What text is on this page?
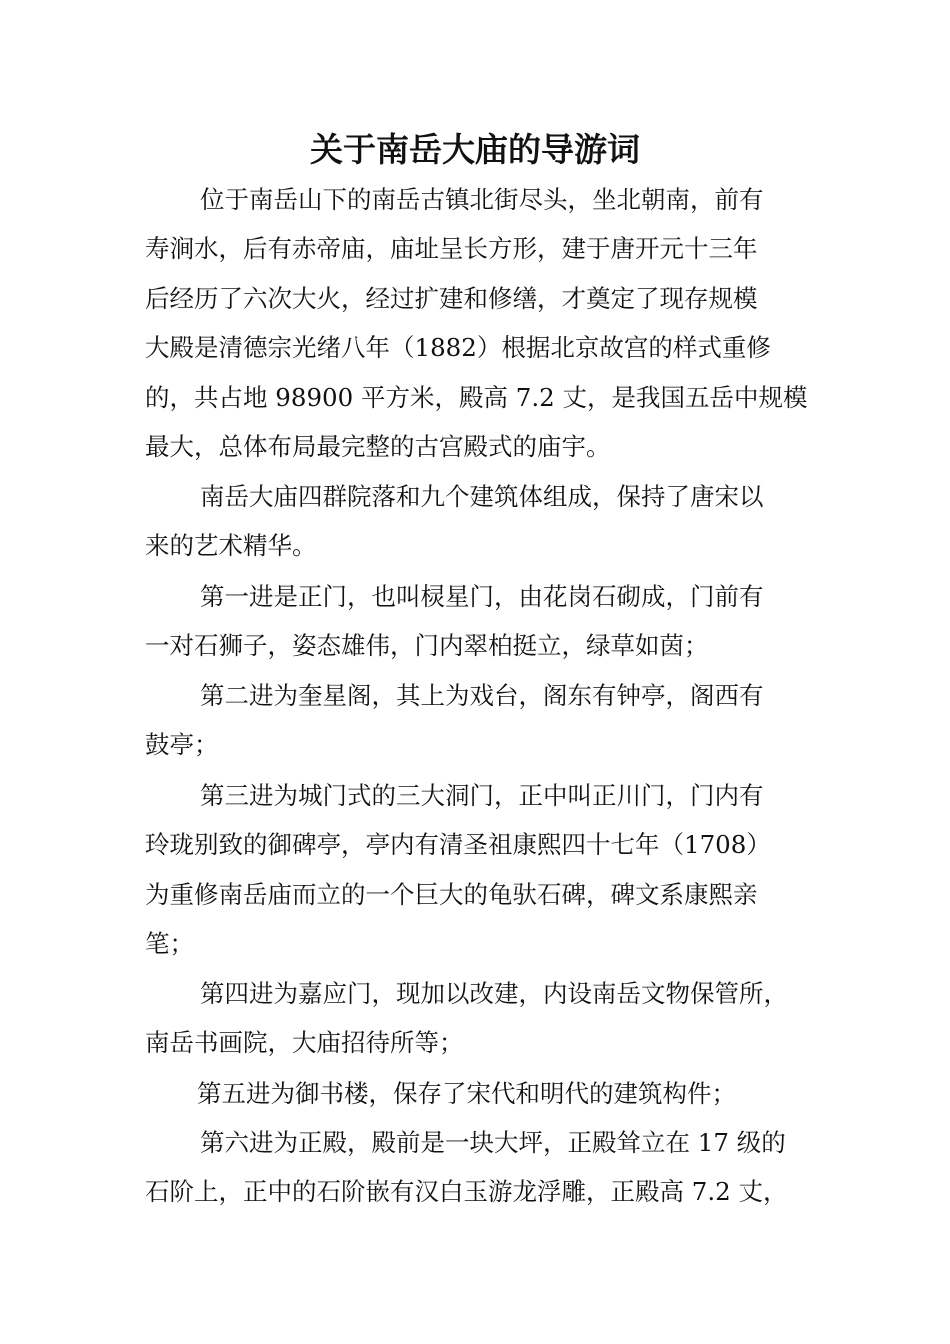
关于南岳大庙的导游词

位于南岳山下的南岳古镇北街尽头，坐北朝南，前有

寿涧水，后有赤帝庙，庙址呈长方形，建于唐开元十三年

后经历了六次大火，经过扩建和修缮，才奠定了现存规模

大殿是清德宗光绪八年（1882）根据北京故宫的样式重修

的，共占地 98900 平方米，殿高 7.2 丈，是我国五岳中规模

最大，总体布局最完整的古宫殿式的庙宇。

南岳大庙四群院落和九个建筑体组成，保持了唐宋以

来的艺术精华。

第一进是正门，也叫棂星门，由花岗石砌成，门前有

一对石狮子，姿态雄伟，门内翠柏挺立，绿草如茵；

第二进为奎星阁，其上为戏台，阁东有钟亭，阁西有

鼓亭；

第三进为城门式的三大洞门，正中叫正川门，门内有

玲珑别致的御碑亭，亭内有清圣祖康熙四十七年（1708）

为重修南岳庙而立的一个巨大的龟驮石碑，碑文系康熙亲

笔；

第四进为嘉应门，现加以改建，内设南岳文物保管所，

南岳书画院，大庙招待所等；

第五进为御书楼，保存了宋代和明代的建筑构件；

第六进为正殿，殿前是一块大坪，正殿耸立在 17 级的

石阶上，正中的石阶嵌有汉白玉游龙浮雕，正殿高 7.2 丈，
